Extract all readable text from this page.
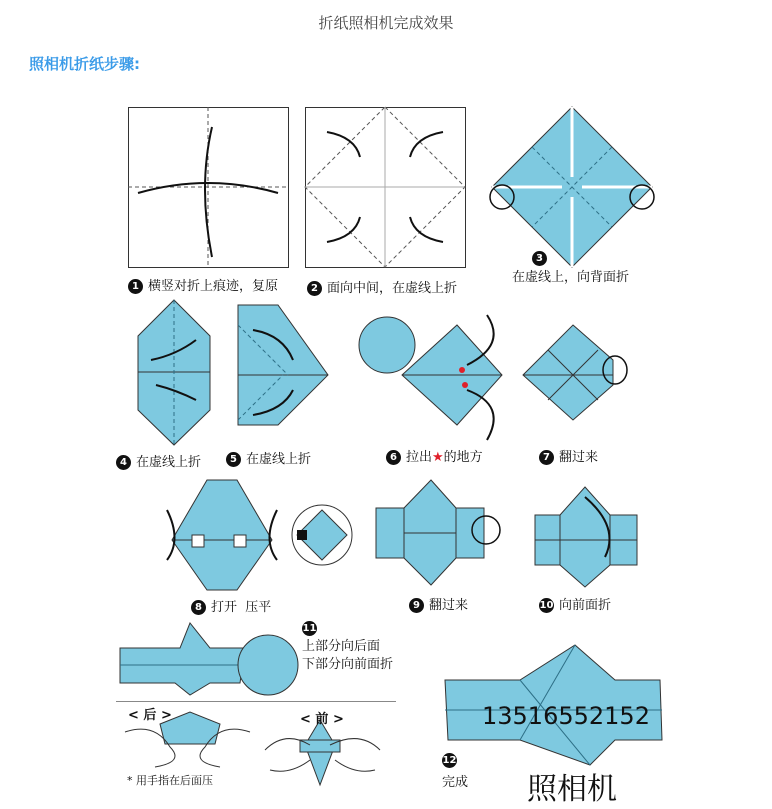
折纸照相机完成效果
照相机折纸步骤:
1 横竖对折上痕迹，复原	2 面向中间，在虚线上折
3
在虚线上，向背面折
4 在虚线上折	5 在虚线上折	6 拉出★的地方	7 翻过来
8 打开  压平	9 翻过来	10 向前面折
11
上部分向后面
下部分向前面折
< 后 >	< 前 >
* 用手指在后面压
12
完成
13516552152
照相机
